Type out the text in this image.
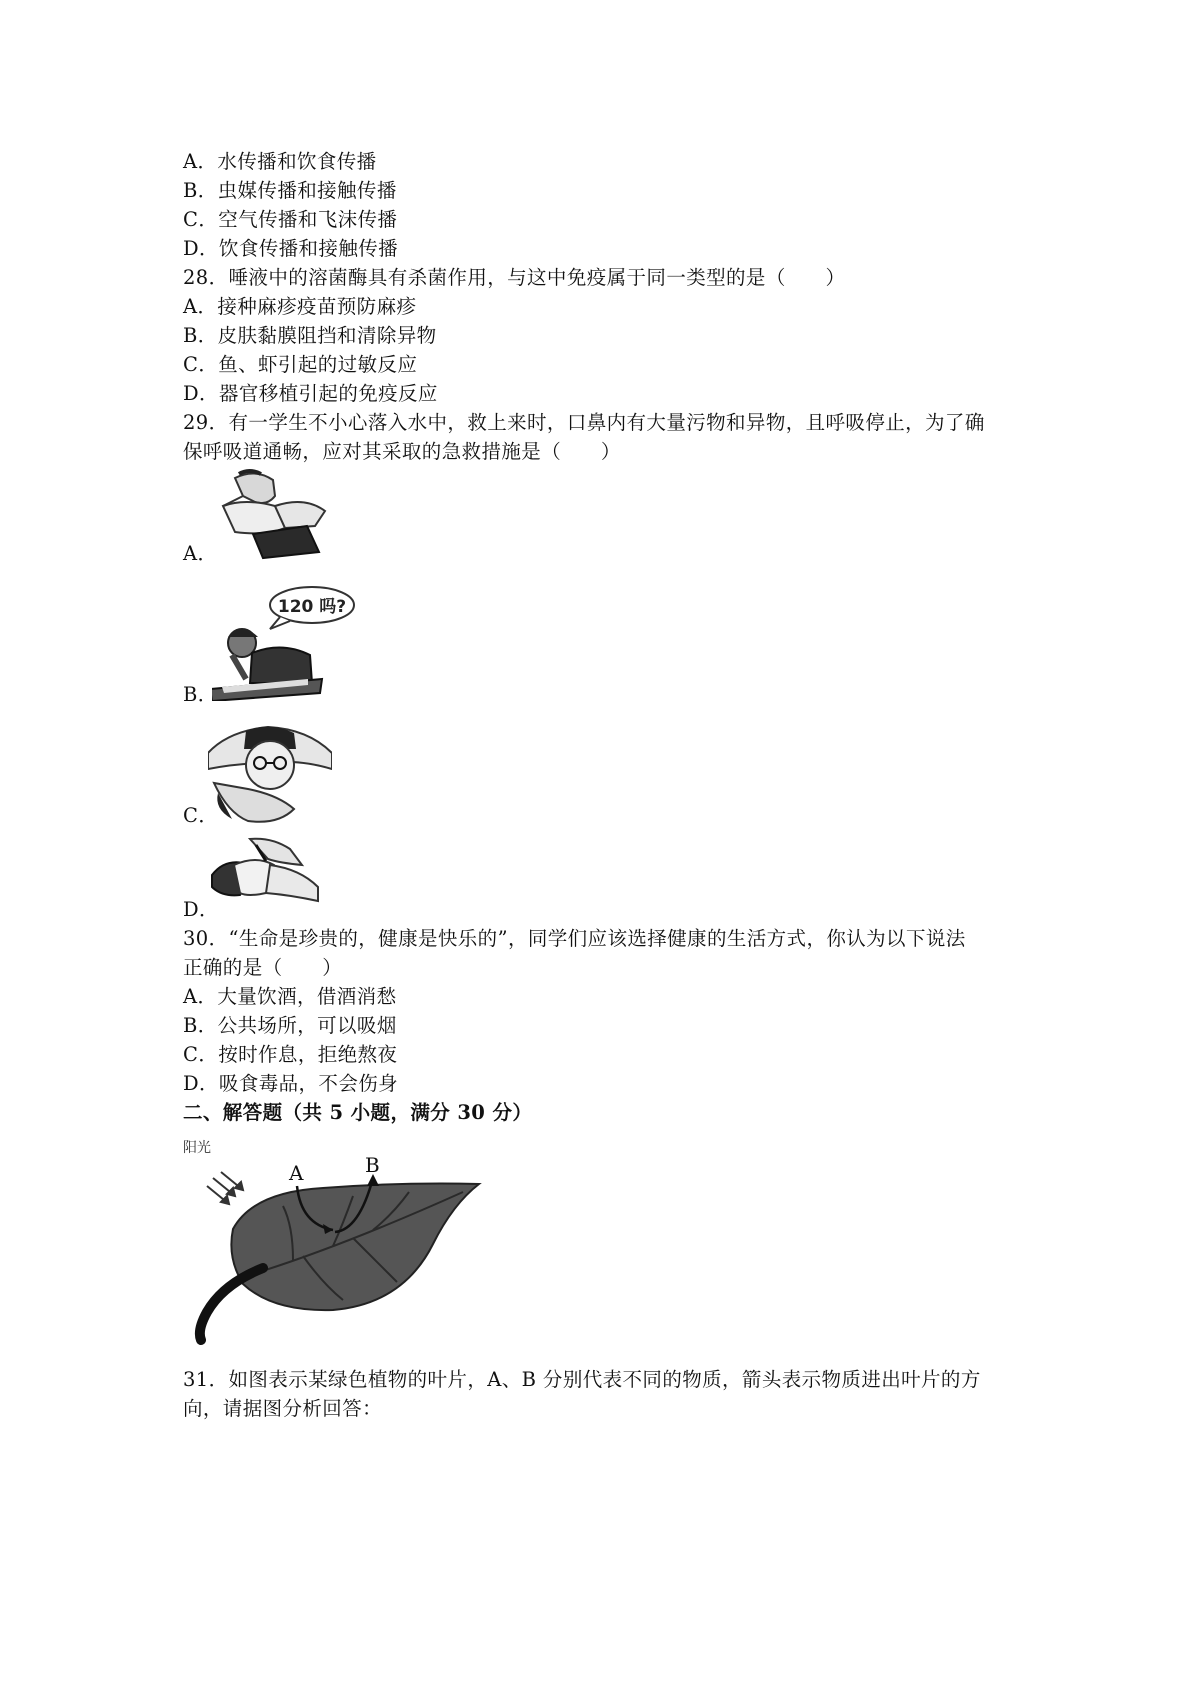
A．水传播和饮食传播
B．虫媒传播和接触传播
C．空气传播和飞沫传播
D．饮食传播和接触传播
28．唾液中的溶菌酶具有杀菌作用，与这中免疫属于同一类型的是（　　）
A．接种麻疹疫苗预防麻疹
B．皮肤黏膜阻挡和清除异物
C．鱼、虾引起的过敏反应
D．器官移植引起的免疫反应
29．有一学生不小心落入水中，救上来时，口鼻内有大量污物和异物，且呼吸停止，为了确
保呼吸道通畅，应对其采取的急救措施是（　　）
A．
120 吗?
B．
C．
D．
30．“生命是珍贵的，健康是快乐的”，同学们应该选择健康的生活方式，你认为以下说法
正确的是（　　）
A．大量饮酒，借酒消愁
B．公共场所，可以吸烟
C．按时作息，拒绝熬夜
D．吸食毒品，不会伤身
二、解答题（共 5 小题，满分 30 分）
阳光
A	B
31．如图表示某绿色植物的叶片，A、B 分别代表不同的物质，箭头表示物质进出叶片的方
向，请据图分析回答：
